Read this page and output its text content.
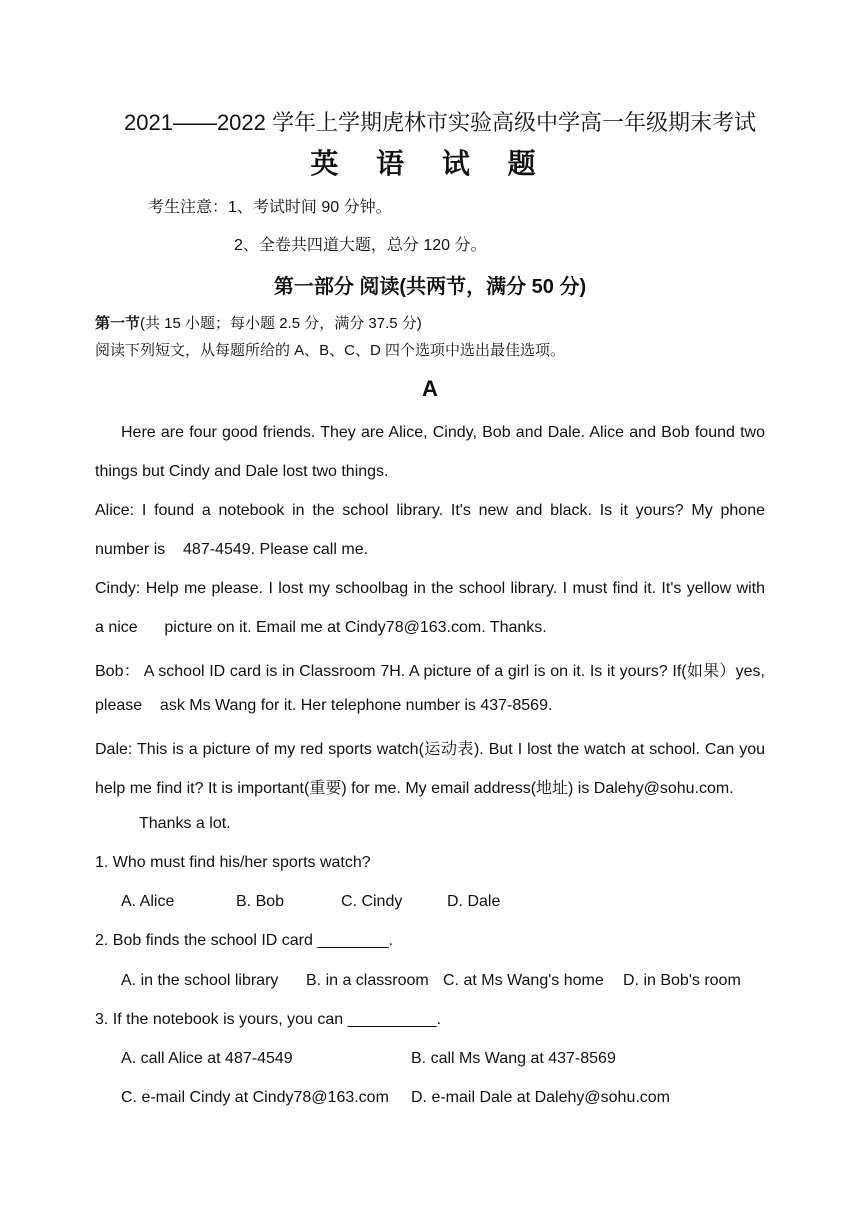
2021——2022 学年上学期虎林市实验高级中学高一年级期末考试
英 语 试 题
考生注意：1、考试时间 90 分钟。
2、全卷共四道大题，总分 120 分。
第一部分 阅读(共两节，满分 50 分)
第一节(共 15 小题；每小题 2.5 分，满分 37.5 分)
阅读下列短文，从每题所给的 A、B、C、D 四个选项中选出最佳选项。
A
Here are four good friends. They are Alice, Cindy, Bob and Dale. Alice and Bob found two
things but Cindy and Dale lost two things.
Alice: I found a notebook in the school library. It's new and black. Is it yours? My phone
number is    487-4549. Please call me.
Cindy: Help me please. I lost my schoolbag in the school library. I must find it. It's yellow with
a nice      picture on it. Email me at Cindy78@163.com. Thanks.
Bob： A school ID card is in Classroom 7H. A picture of a girl is on it. Is it yours? If(如果）yes,
please    ask Ms Wang for it. Her telephone number is 437-8569.
Dale: This is a picture of my red sports watch(运动表). But I lost the watch at school. Can you
help me find it? It is important(重要) for me. My email address(地址) is Dalehy@sohu.com.
Thanks a lot.
1. Who must find his/her sports watch?
A. Alice	B. Bob	C. Cindy	D. Dale
2. Bob finds the school ID card ________.
A. in the school library B. in a classroom C. at Ms Wang's home D. in Bob's room
3. If the notebook is yours, you can __________.
A. call Alice at 487-4549	B. call Ms Wang at 437-8569
C. e-mail Cindy at Cindy78@163.com D. e-mail Dale at Dalehy@sohu.com
